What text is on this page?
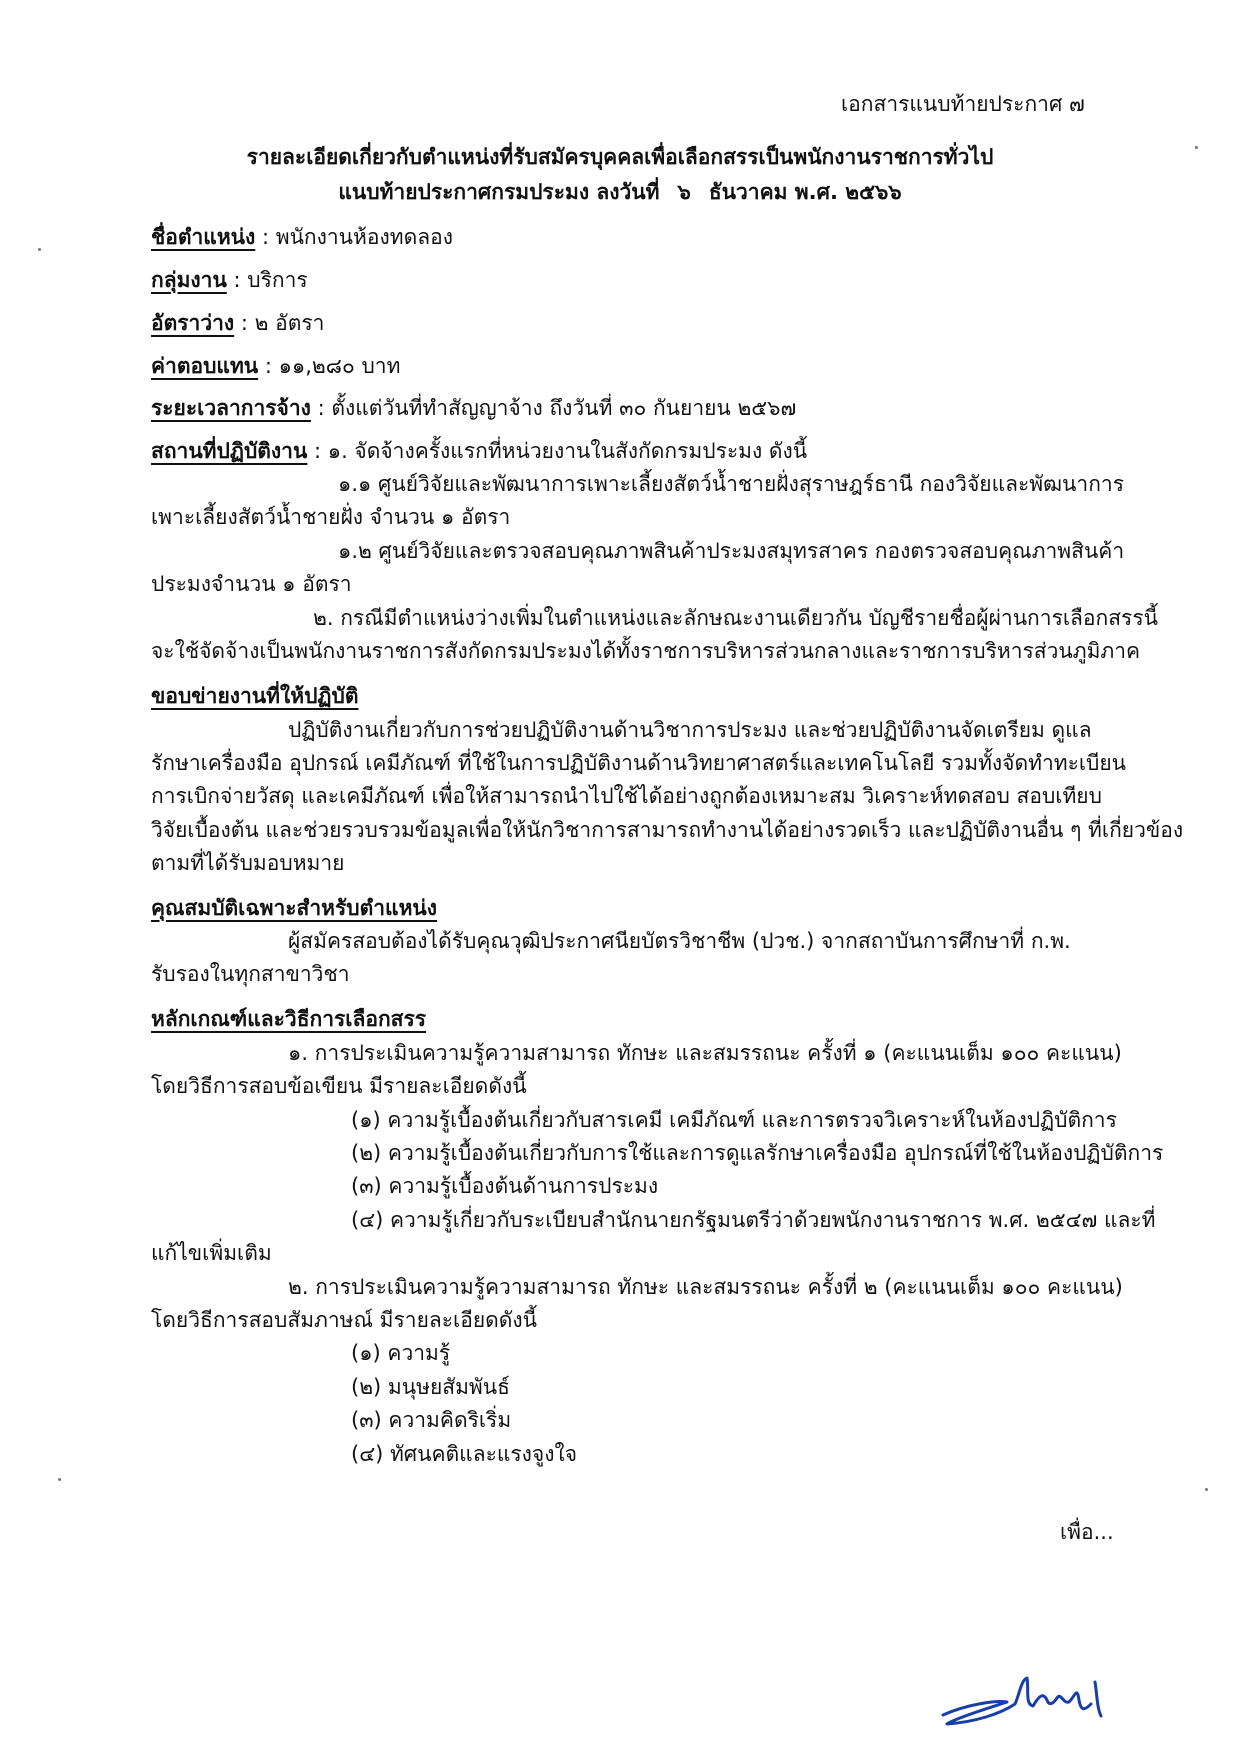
เอกสารแนบท้ายประกาศ ๗
รายละเอียดเกี่ยวกับตำแหน่งที่รับสมัครบุคคลเพื่อเลือกสรรเป็นพนักงานราชการทั่วไป
แนบท้ายประกาศกรมประมง ลงวันที่ ๖ ธันวาคม พ.ศ. ๒๕๖๖
ชื่อตำแหน่ง : พนักงานห้องทดลอง
กลุ่มงาน : บริการ
อัตราว่าง : ๒ อัตรา
ค่าตอบแทน : ๑๑,๒๘๐ บาท
ระยะเวลาการจ้าง : ตั้งแต่วันที่ทำสัญญาจ้าง ถึงวันที่ ๓๐ กันยายน ๒๕๖๗
สถานที่ปฏิบัติงาน : ๑. จัดจ้างครั้งแรกที่หน่วยงานในสังกัดกรมประมง ดังนี้
๑.๑ ศูนย์วิจัยและพัฒนาการเพาะเลี้ยงสัตว์น้ำชายฝั่งสุราษฎร์ธานี กองวิจัยและพัฒนาการ
เพาะเลี้ยงสัตว์น้ำชายฝั่ง จำนวน ๑ อัตรา
๑.๒ ศูนย์วิจัยและตรวจสอบคุณภาพสินค้าประมงสมุทรสาคร กองตรวจสอบคุณภาพสินค้า
ประมงจำนวน ๑ อัตรา
๒. กรณีมีตำแหน่งว่างเพิ่มในตำแหน่งและลักษณะงานเดียวกัน บัญชีรายชื่อผู้ผ่านการเลือกสรรนี้
จะใช้จัดจ้างเป็นพนักงานราชการสังกัดกรมประมงได้ทั้งราชการบริหารส่วนกลางและราชการบริหารส่วนภูมิภาค
ขอบข่ายงานที่ให้ปฏิบัติ
ปฏิบัติงานเกี่ยวกับการช่วยปฏิบัติงานด้านวิชาการประมง และช่วยปฏิบัติงานจัดเตรียม ดูแล
รักษาเครื่องมือ อุปกรณ์ เคมีภัณฑ์ ที่ใช้ในการปฏิบัติงานด้านวิทยาศาสตร์และเทคโนโลยี รวมทั้งจัดทำทะเบียน
การเบิกจ่ายวัสดุ และเคมีภัณฑ์ เพื่อให้สามารถนำไปใช้ได้อย่างถูกต้องเหมาะสม วิเคราะห์ทดสอบ สอบเทียบ
วิจัยเบื้องต้น และช่วยรวบรวมข้อมูลเพื่อให้นักวิชาการสามารถทำงานได้อย่างรวดเร็ว และปฏิบัติงานอื่น ๆ ที่เกี่ยวข้อง
ตามที่ได้รับมอบหมาย
คุณสมบัติเฉพาะสำหรับตำแหน่ง
ผู้สมัครสอบต้องได้รับคุณวุฒิประกาศนียบัตรวิชาชีพ (ปวช.) จากสถาบันการศึกษาที่ ก.พ.
รับรองในทุกสาขาวิชา
หลักเกณฑ์และวิธีการเลือกสรร
๑. การประเมินความรู้ความสามารถ ทักษะ และสมรรถนะ ครั้งที่ ๑ (คะแนนเต็ม ๑๐๐ คะแนน)
โดยวิธีการสอบข้อเขียน มีรายละเอียดดังนี้
(๑) ความรู้เบื้องต้นเกี่ยวกับสารเคมี เคมีภัณฑ์ และการตรวจวิเคราะห์ในห้องปฏิบัติการ
(๒) ความรู้เบื้องต้นเกี่ยวกับการใช้และการดูแลรักษาเครื่องมือ อุปกรณ์ที่ใช้ในห้องปฏิบัติการ
(๓) ความรู้เบื้องต้นด้านการประมง
(๔) ความรู้เกี่ยวกับระเบียบสำนักนายกรัฐมนตรีว่าด้วยพนักงานราชการ พ.ศ. ๒๕๔๗ และที่
แก้ไขเพิ่มเติม
๒. การประเมินความรู้ความสามารถ ทักษะ และสมรรถนะ ครั้งที่ ๒ (คะแนนเต็ม ๑๐๐ คะแนน)
โดยวิธีการสอบสัมภาษณ์ มีรายละเอียดดังนี้
(๑) ความรู้
(๒) มนุษยสัมพันธ์
(๓) ความคิดริเริ่ม
(๔) ทัศนคติและแรงจูงใจ
เพื่อ...
